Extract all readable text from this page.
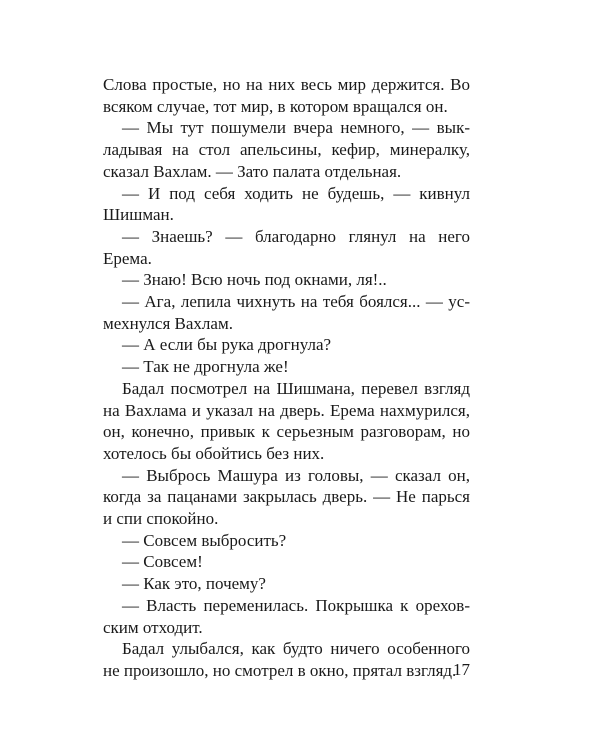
Слова простые, но на них весь мир держится. Во всяком случае, тот мир, в котором вращался он.

— Мы тут пошумели вчера немного, — выкладывая на стол апельсины, кефир, минералку, сказал Вахлам. — Зато палата отдельная.

— И под себя ходить не будешь, — кивнул Шишман.

— Знаешь? — благодарно глянул на него Ерема.

— Знаю! Всю ночь под окнами, ля!..

— Ага, лепила чихнуть на тебя боялся... — усмехнулся Вахлам.

— А если бы рука дрогнула?

— Так не дрогнула же!

Бадал посмотрел на Шишмана, перевел взгляд на Вахлама и указал на дверь. Ерема нахмурился, он, конечно, привык к серьезным разговорам, но хотелось бы обойтись без них.

— Выбрось Машура из головы, — сказал он, когда за пацанами закрылась дверь. — Не парься и спи спокойно.

— Совсем выбросить?

— Совсем!

— Как это, почему?

— Власть переменилась. Покрышка к ореховским отходит.

Бадал улыбался, как будто ничего особенного не произошло, но смотрел в окно, прятал взгляд.

17
